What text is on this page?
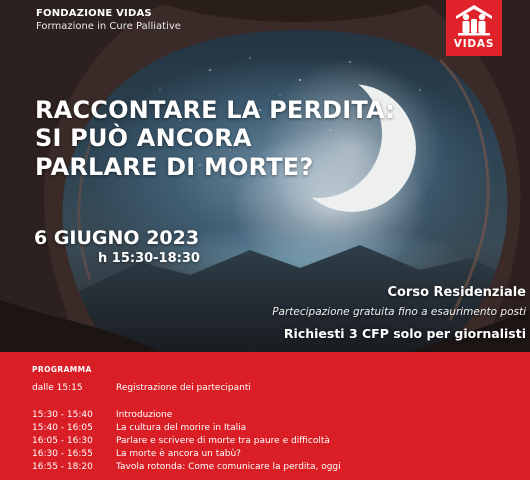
FONDAZIONE VIDAS
Formazione in Cure Palliative
VIDAS
RACCONTARE LA PERDITA:
SI PUÒ ANCORA
PARLARE DI MORTE?
6 GIUGNO 2023
h 15:30-18:30
Corso Residenziale
Partecipazione gratuita fino a esaurimento posti
Richiesti 3 CFP solo per giornalisti
PROGRAMMA
dalle 15:15	Registrazione dei partecipanti
15:30 - 15:40	Introduzione
15:40 - 16:05	La cultura del morire in Italia
16:05 - 16:30	Parlare e scrivere di morte tra paure e difficoltà
16:30 - 16:55	La morte è ancora un tabù?
16:55 - 18:20	Tavola rotonda: Come comunicare la perdita, oggi
